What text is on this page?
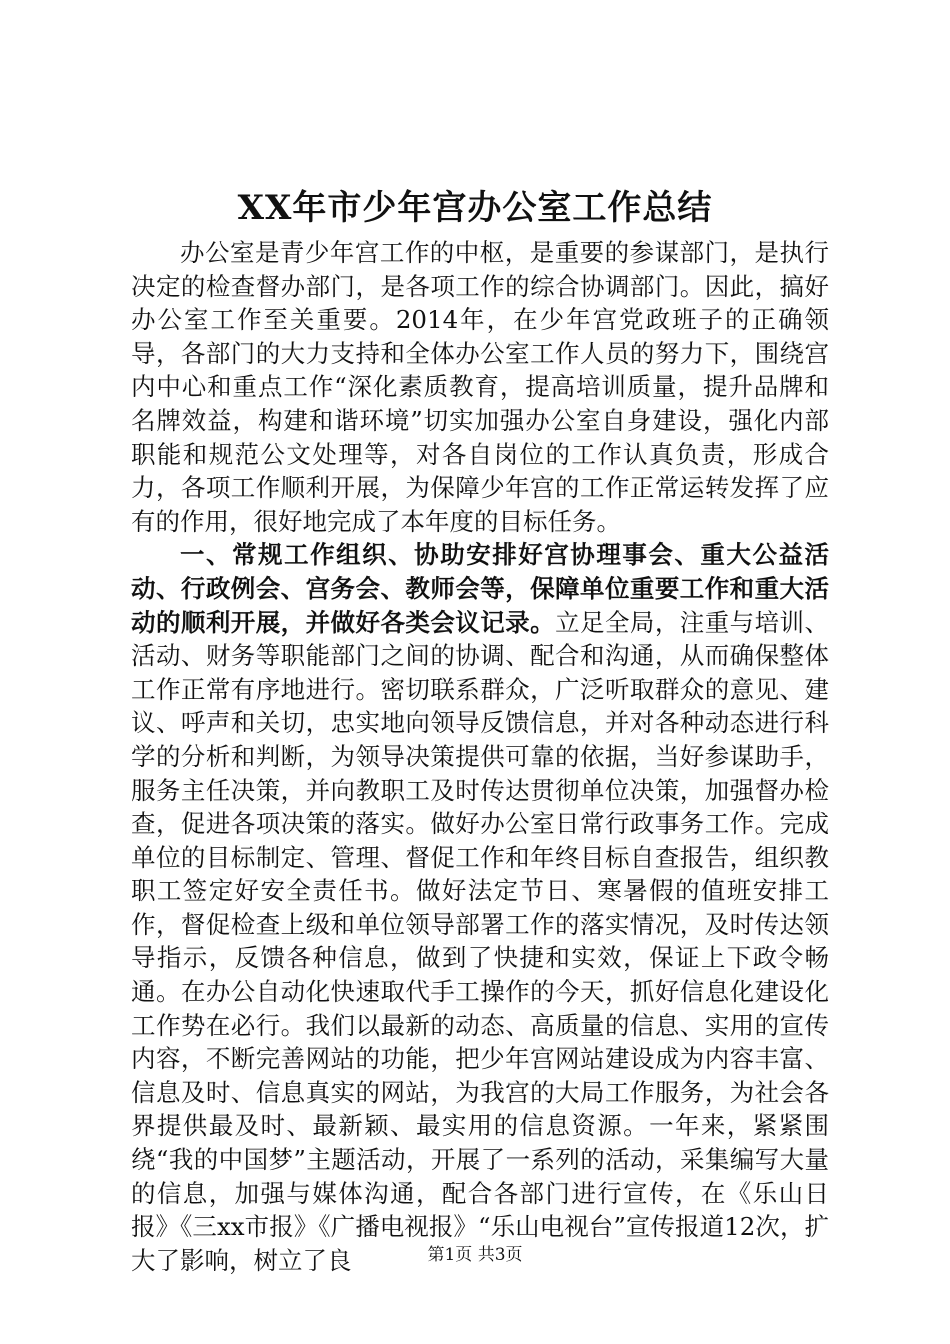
XX年市少年宫办公室工作总结

办公室是青少年宫工作的中枢，是重要的参谋部门，是执行决定的检查督办部门，是各项工作的综合协调部门。因此，搞好办公室工作至关重要。2014年，在少年宫党政班子的正确领导，各部门的大力支持和全体办公室工作人员的努力下，围绕宫内中心和重点工作“深化素质教育，提高培训质量，提升品牌和名牌效益，构建和谐环境”切实加强办公室自身建设，强化内部职能和规范公文处理等，对各自岗位的工作认真负责，形成合力，各项工作顺利开展，为保障少年宫的工作正常运转发挥了应有的作用，很好地完成了本年度的目标任务。

一、常规工作组织、协助安排好宫协理事会、重大公益活动、行政例会、宫务会、教师会等，保障单位重要工作和重大活动的顺利开展，并做好各类会议记录。立足全局，注重与培训、活动、财务等职能部门之间的协调、配合和沟通，从而确保整体工作正常有序地进行。密切联系群众，广泛听取群众的意见、建议、呼声和关切，忠实地向领导反馈信息，并对各种动态进行科学的分析和判断，为领导决策提供可靠的依据，当好参谋助手，服务主任决策，并向教职工及时传达贯彻单位决策，加强督办检查，促进各项决策的落实。做好办公室日常行政事务工作。完成单位的目标制定、管理、督促工作和年终目标自查报告，组织教职工签定好安全责任书。做好法定节日、寒暑假的值班安排工作，督促检查上级和单位领导部署工作的落实情况，及时传达领导指示，反馈各种信息，做到了快捷和实效，保证上下政令畅通。在办公自动化快速取代手工操作的今天，抓好信息化建设化工作势在必行。我们以最新的动态、高质量的信息、实用的宣传内容，不断完善网站的功能，把少年宫网站建设成为内容丰富、信息及时、信息真实的网站，为我宫的大局工作服务，为社会各界提供最及时、最新颖、最实用的信息资源。一年来，紧紧围绕“我的中国梦”主题活动，开展了一系列的活动，采集编写大量的信息，加强与媒体沟通，配合各部门进行宣传，在《乐山日报》《三xx市报》《广播电视报》“乐山电视台”宣传报道12次，扩大了影响，树立了良	第1页 共3页
